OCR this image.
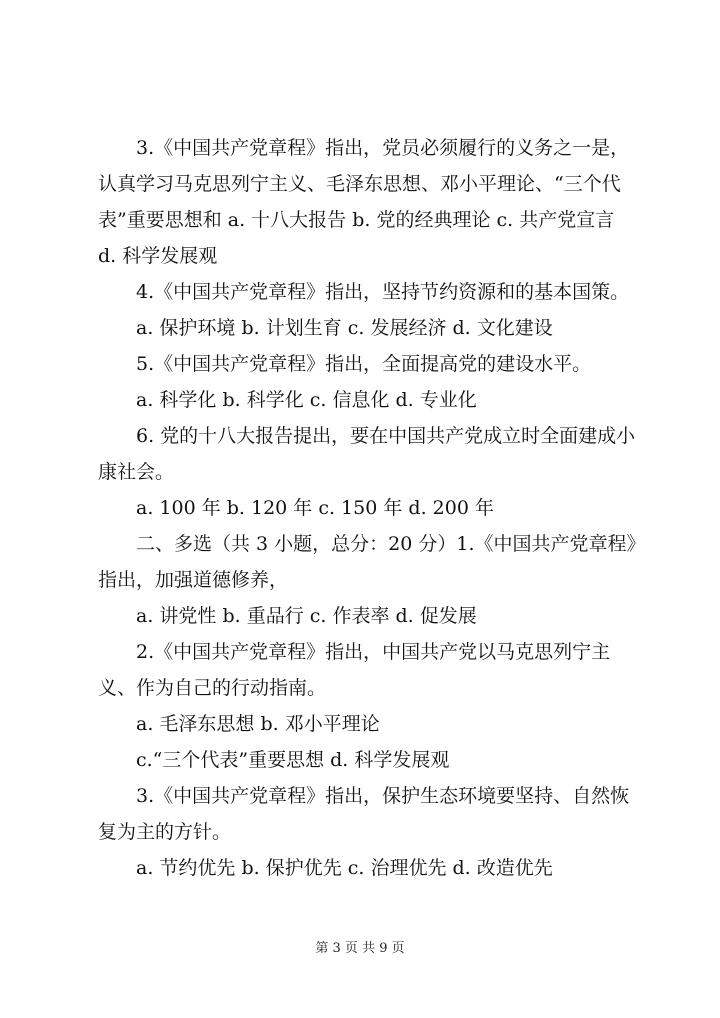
3.《中国共产党章程》指出，党员必须履行的义务之一是，认真学习马克思列宁主义、毛泽东思想、邓小平理论、“三个代表”重要思想和 a. 十八大报告 b. 党的经典理论 c. 共产党宣言 d. 科学发展观

4.《中国共产党章程》指出，坚持节约资源和的基本国策。

a. 保护环境 b. 计划生育 c. 发展经济 d. 文化建设

5.《中国共产党章程》指出，全面提高党的建设水平。

a. 科学化 b. 科学化 c. 信息化 d. 专业化

6. 党的十八大报告提出，要在中国共产党成立时全面建成小康社会。

a. 100 年 b. 120 年 c. 150 年 d. 200 年

二、多选（共 3 小题，总分：20 分）1.《中国共产党章程》指出，加强道德修养，

a. 讲党性 b. 重品行 c. 作表率 d. 促发展

2.《中国共产党章程》指出，中国共产党以马克思列宁主义、作为自己的行动指南。

a. 毛泽东思想 b. 邓小平理论

c.“三个代表”重要思想 d. 科学发展观

3.《中国共产党章程》指出，保护生态环境要坚持、自然恢复为主的方针。

a. 节约优先 b. 保护优先 c. 治理优先 d. 改造优先

第 3 页 共 9 页
